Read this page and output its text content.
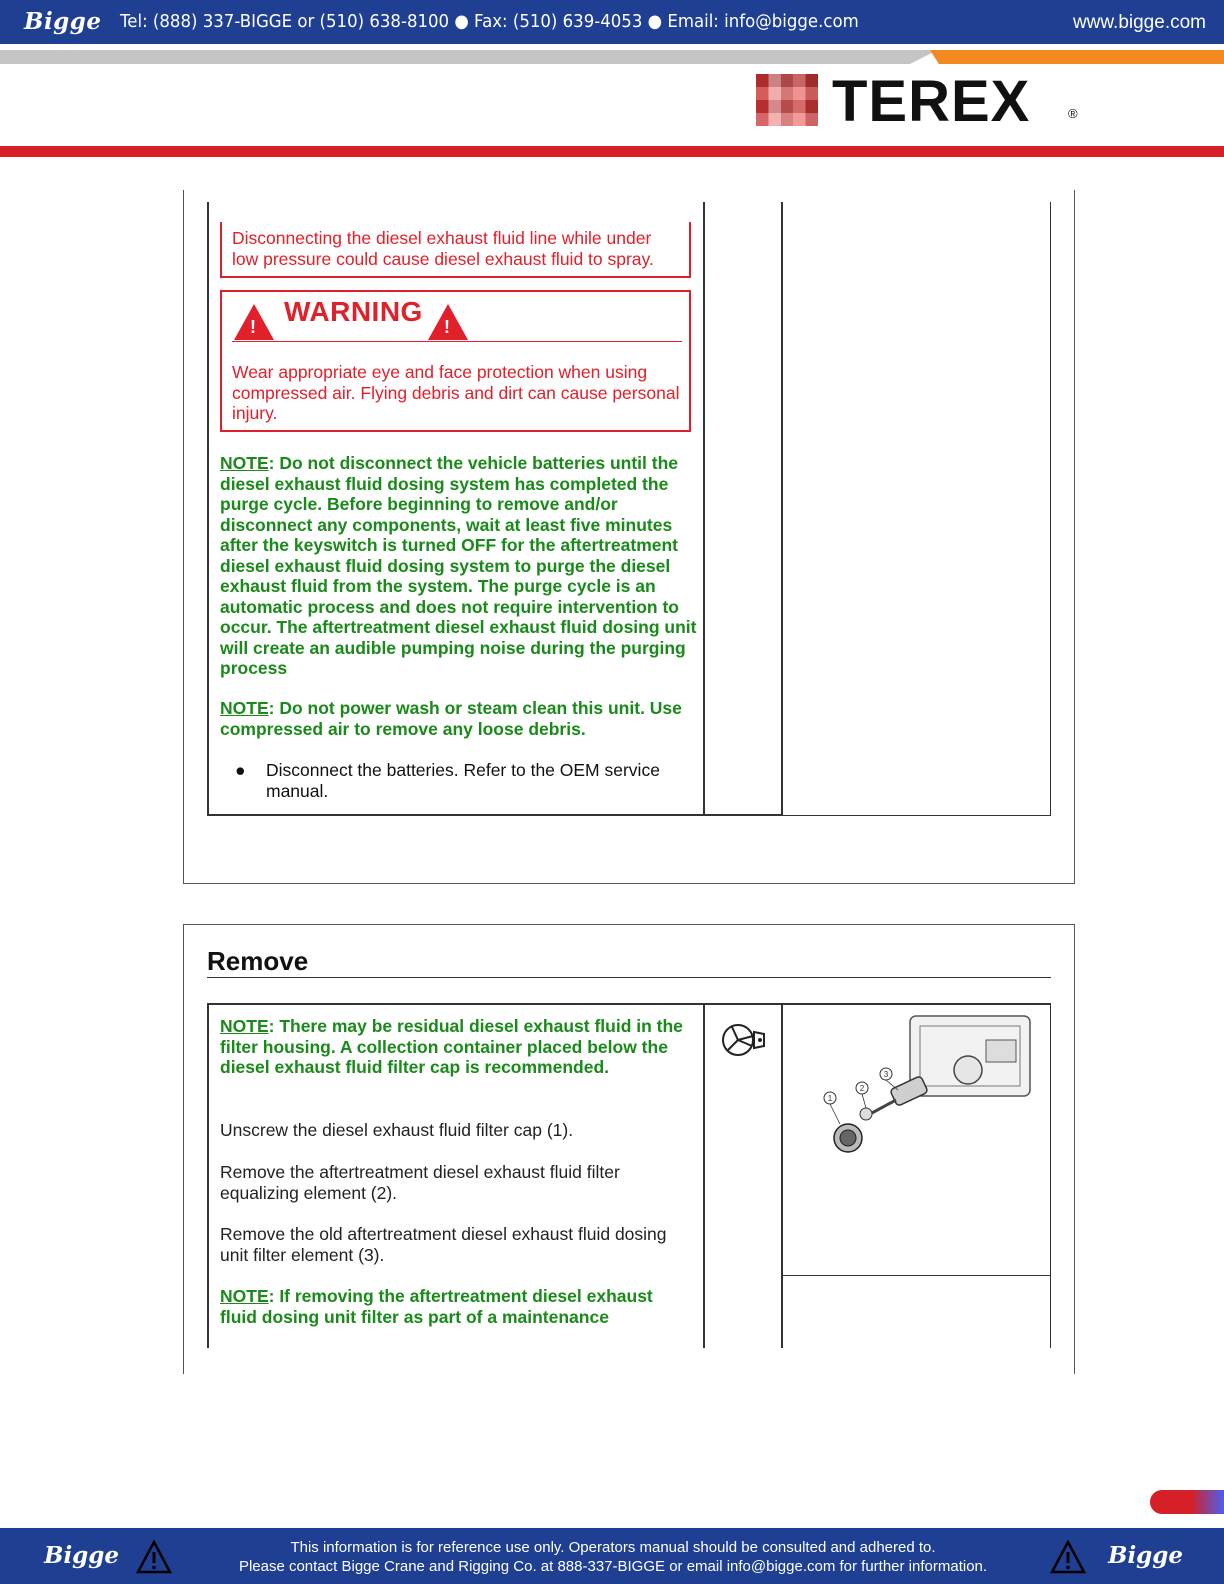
Bigge Tel: (888) 337-BIGGE or (510) 638-8100 ● Fax: (510) 639-4053 ● Email: info@bigge.com	www.bigge.com
TEREX	®
Disconnecting the diesel exhaust fluid line while under low pressure could cause diesel exhaust fluid to spray.
! WARNING !
Wear appropriate eye and face protection when using compressed air. Flying debris and dirt can cause personal injury.
NOTE: Do not disconnect the vehicle batteries until the diesel exhaust fluid dosing system has completed the purge cycle. Before beginning to remove and/or disconnect any components, wait at least five minutes after the keyswitch is turned OFF for the aftertreatment diesel exhaust fluid dosing system to purge the diesel exhaust fluid from the system. The purge cycle is an automatic process and does not require intervention to occur. The aftertreatment diesel exhaust fluid dosing unit will create an audible pumping noise during the purging process
NOTE: Do not power wash or steam clean this unit. Use compressed air to remove any loose debris.
●	Disconnect the batteries. Refer to the OEM service manual.
Remove
NOTE: There may be residual diesel exhaust fluid in the filter housing. A collection container placed below the diesel exhaust fluid filter cap is recommended.
Unscrew the diesel exhaust fluid filter cap (1).
Remove the aftertreatment diesel exhaust fluid filter equalizing element (2).
Remove the old aftertreatment diesel exhaust fluid dosing unit filter element (3).
NOTE: If removing the aftertreatment diesel exhaust fluid dosing unit filter as part of a maintenance
1
2
3
Bigge	This information is for reference use only. Operators manual should be consulted and adhered to.
Please contact Bigge Crane and Rigging Co. at 888-337-BIGGE or email info@bigge.com for further information.	Bigge
